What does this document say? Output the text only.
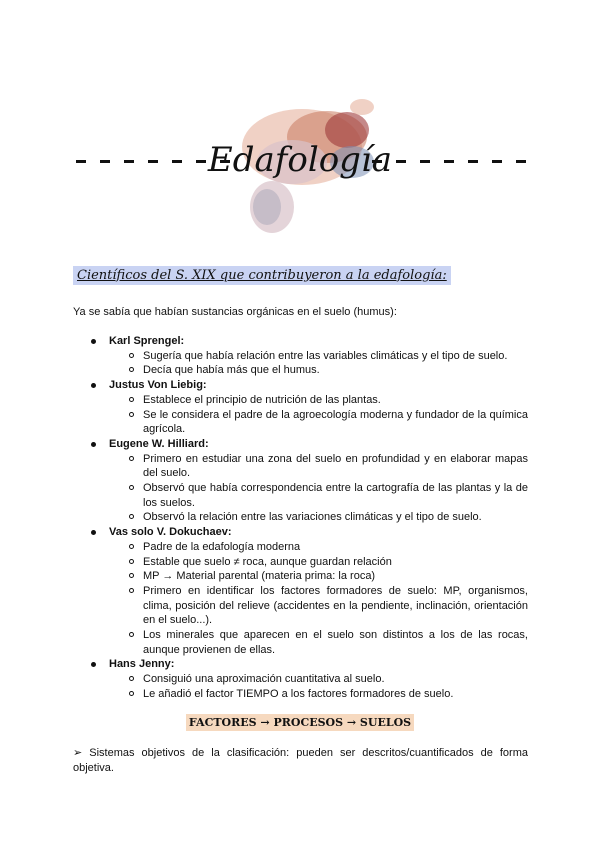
Edafología
Científicos del S. XIX que contribuyeron a la edafología:
Ya se sabía que habían sustancias orgánicas en el suelo (humus):
Karl Sprengel:
Sugería que había relación entre las variables climáticas y el tipo de suelo.
Decía que había más que el humus.
Justus Von Liebig:
Establece el principio de nutrición de las plantas.
Se le considera el padre de la agroecología moderna y fundador de la química agrícola.
Eugene W. Hilliard:
Primero en estudiar una zona del suelo en profundidad y en elaborar mapas del suelo.
Observó que había correspondencia entre la cartografía de las plantas y la de los suelos.
Observó la relación entre las variaciones climáticas y el tipo de suelo.
Vas solo V. Dokuchaev:
Padre de la edafología moderna
Estable que suelo ≠ roca, aunque guardan relación
MP → Material parental (materia prima: la roca)
Primero en identificar los factores formadores de suelo: MP, organismos, clima, posición del relieve (accidentes en la pendiente, inclinación, orientación en el suelo...).
Los minerales que aparecen en el suelo son distintos a los de las rocas, aunque provienen de ellas.
Hans Jenny:
Consiguió una aproximación cuantitativa al suelo.
Le añadió el factor TIEMPO a los factores formadores de suelo.
FACTORES → PROCESOS → SUELOS
➢ Sistemas objetivos de la clasificación: pueden ser descritos/cuantificados de forma objetiva.
